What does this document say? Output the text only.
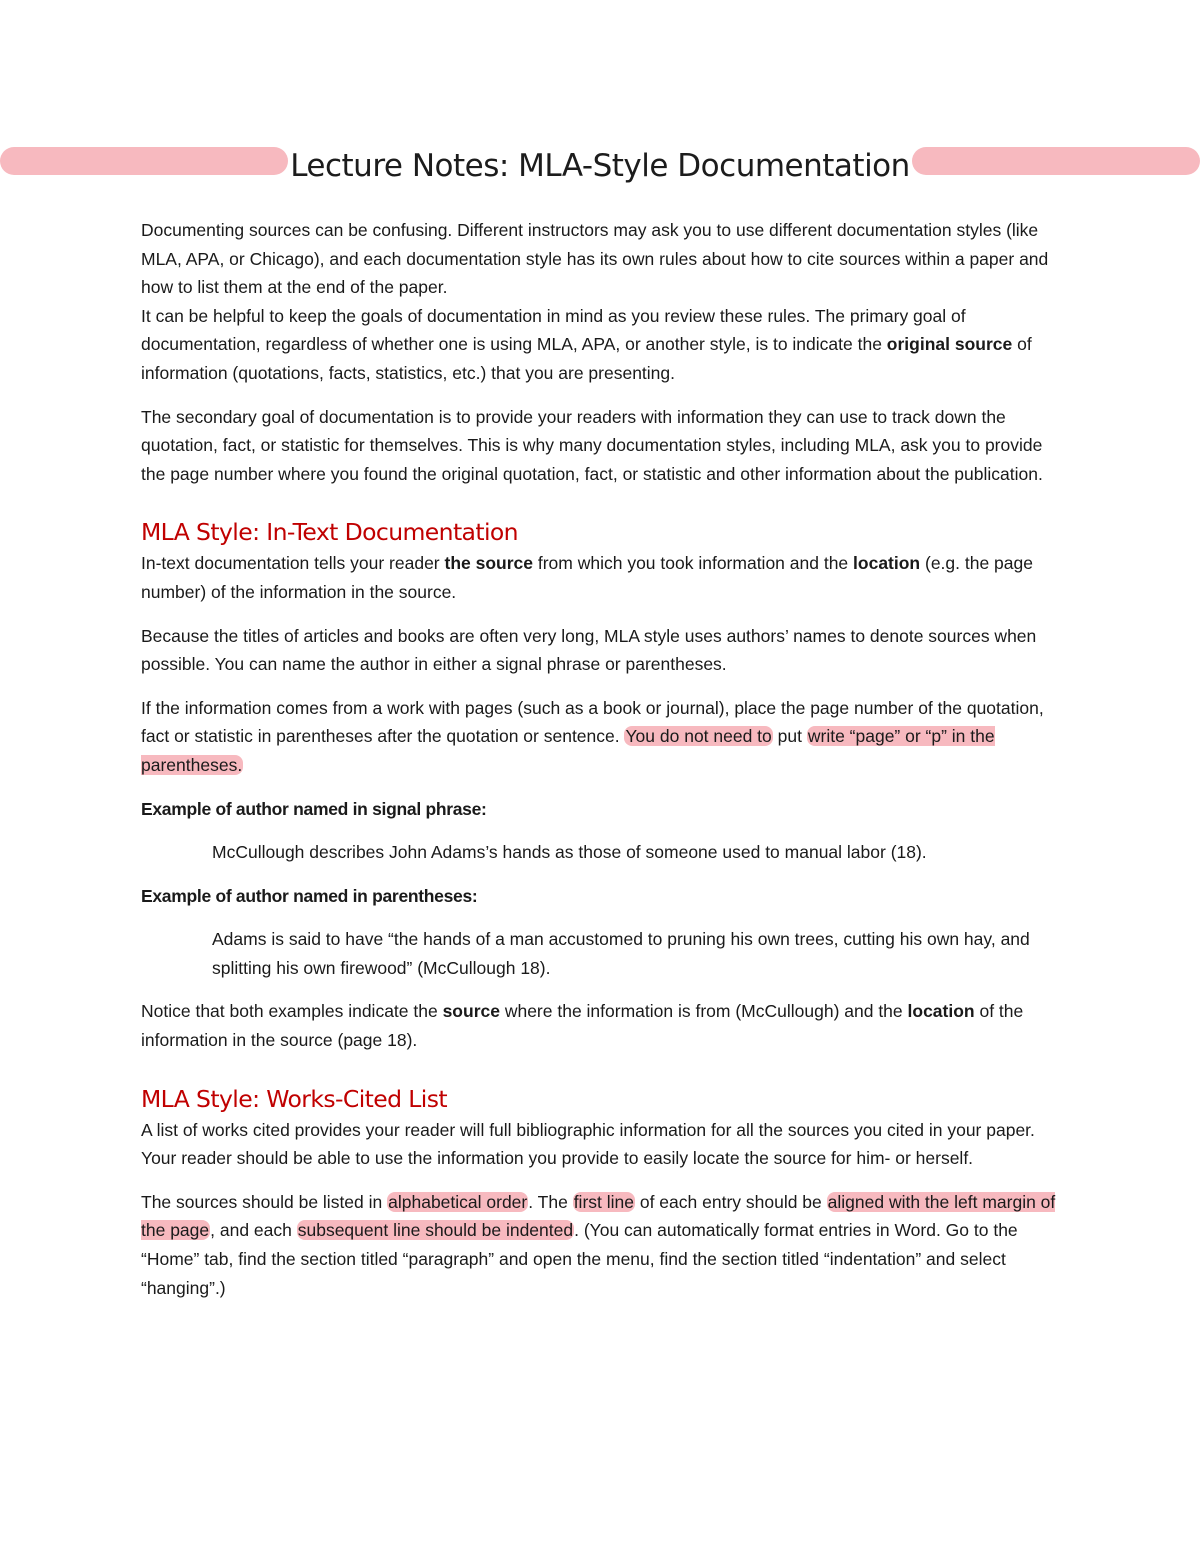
Lecture Notes: MLA-Style Documentation

Documenting sources can be confusing. Different instructors may ask you to use different documentation styles (like MLA, APA, or Chicago), and each documentation style has its own rules about how to cite sources within a paper and how to list them at the end of the paper.

It can be helpful to keep the goals of documentation in mind as you review these rules. The primary goal of documentation, regardless of whether one is using MLA, APA, or another style, is to indicate the original source of information (quotations, facts, statistics, etc.) that you are presenting.

The secondary goal of documentation is to provide your readers with information they can use to track down the quotation, fact, or statistic for themselves. This is why many documentation styles, including MLA, ask you to provide the page number where you found the original quotation, fact, or statistic and other information about the publication.

MLA Style: In-Text Documentation

In-text documentation tells your reader the source from which you took information and the location (e.g. the page number) of the information in the source.

Because the titles of articles and books are often very long, MLA style uses authors’ names to denote sources when possible. You can name the author in either a signal phrase or parentheses.

If the information comes from a work with pages (such as a book or journal), place the page number of the quotation, fact or statistic in parentheses after the quotation or sentence. You do not need to put write “page” or “p” in the parentheses.

Example of author named in signal phrase:

McCullough describes John Adams’s hands as those of someone used to manual labor (18).

Example of author named in parentheses:

Adams is said to have “the hands of a man accustomed to pruning his own trees, cutting his own hay, and splitting his own firewood” (McCullough 18).

Notice that both examples indicate the source where the information is from (McCullough) and the location of the information in the source (page 18).

MLA Style: Works-Cited List

A list of works cited provides your reader will full bibliographic information for all the sources you cited in your paper. Your reader should be able to use the information you provide to easily locate the source for him- or herself.

The sources should be listed in alphabetical order. The first line of each entry should be aligned with the left margin of the page, and each subsequent line should be indented. (You can automatically format entries in Word. Go to the “Home” tab, find the section titled “paragraph” and open the menu, find the section titled “indentation” and select “hanging”.)
